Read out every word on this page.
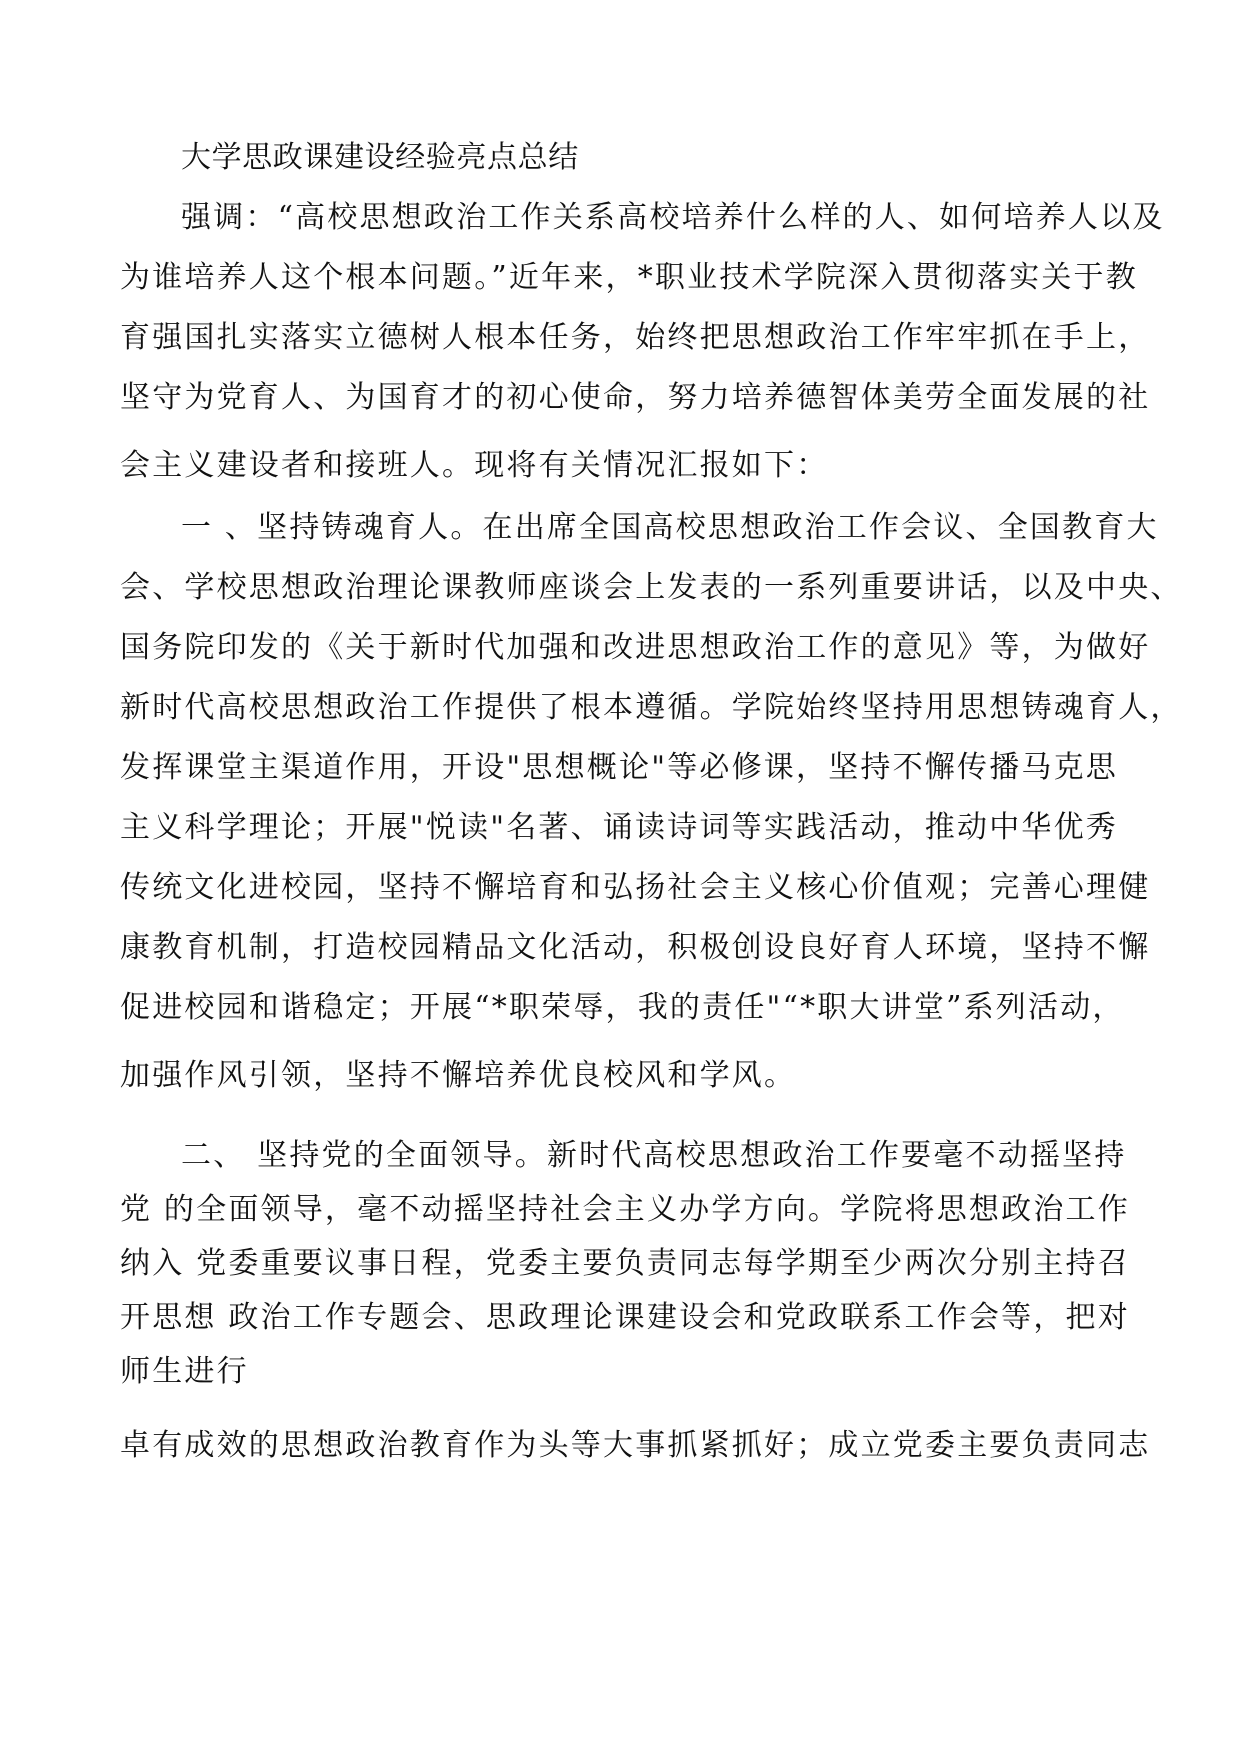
大学思政课建设经验亮点总结
强调：“高校思想政治工作关系高校培养什么样的人、如何培养人以及
为谁培养人这个根本问题。”近年来，*职业技术学院深入贯彻落实关于教
育强国扎实落实立德树人根本任务，始终把思想政治工作牢牢抓在手上，
坚守为党育人、为国育才的初心使命，努力培养德智体美劳全面发展的社
会主义建设者和接班人。现将有关情况汇报如下：
一 、坚持铸魂育人。在出席全国高校思想政治工作会议、全国教育大
会、学校思想政治理论课教师座谈会上发表的一系列重要讲话，以及中央、
国务院印发的《关于新时代加强和改进思想政治工作的意见》等，为做好
新时代高校思想政治工作提供了根本遵循。学院始终坚持用思想铸魂育人，
发挥课堂主渠道作用，开设"思想概论"等必修课，坚持不懈传播马克思
主义科学理论；开展"悦读"名著、诵读诗词等实践活动，推动中华优秀
传统文化进校园，坚持不懈培育和弘扬社会主义核心价值观；完善心理健
康教育机制，打造校园精品文化活动，积极创设良好育人环境，坚持不懈
促进校园和谐稳定；开展“*职荣辱，我的责任"“*职大讲堂”系列活动，
加强作风引领，坚持不懈培养优良校风和学风。
二、 坚持党的全面领导。新时代高校思想政治工作要毫不动摇坚持
党 的全面领导，毫不动摇坚持社会主义办学方向。学院将思想政治工作
纳入 党委重要议事日程，党委主要负责同志每学期至少两次分别主持召
开思想 政治工作专题会、思政理论课建设会和党政联系工作会等，把对
师生进行
卓有成效的思想政治教育作为头等大事抓紧抓好；成立党委主要负责同志
